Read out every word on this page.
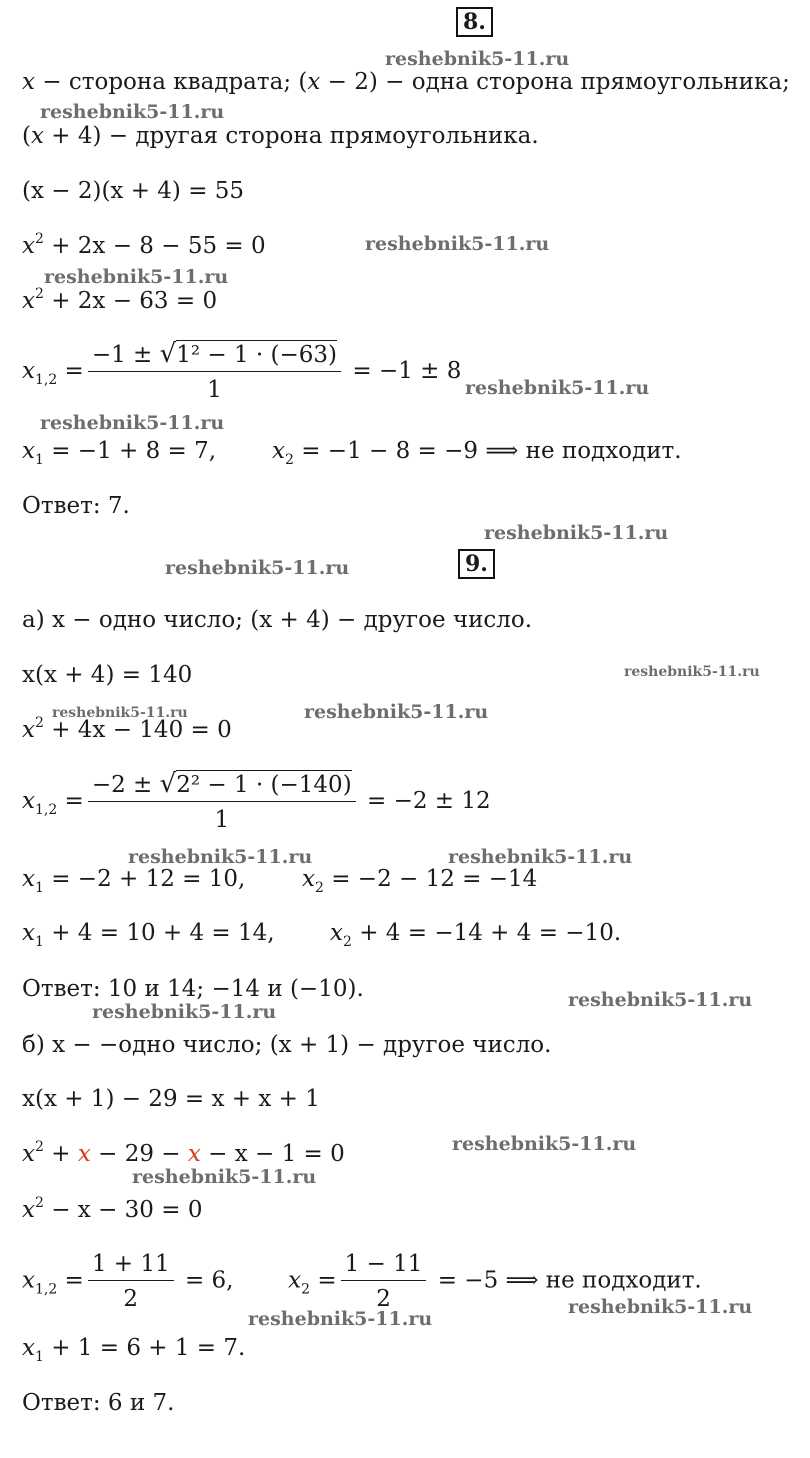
8.
x − сторона квадрата; (x − 2) − одна сторона прямоугольника;
(x + 4) − другая сторона прямоугольника.
(x − 2)(x + 4) = 55
$x^2 + 2x - 8 - 55 = 0$
$x^2 + 2x - 63 = 0$
$x_{1,2} = \frac{\text{−1 ± √1² − 1 · (−63)}}{1} = -1 \pm 8$
$x_1 = -1 + 8 = 7$, $x_2 = -1 - 8 = -9$ ⟹ не подходит.
Ответ: 7.
9.
а) x − одно число; (x + 4) − другое число.
x(x + 4) = 140
$x^2 + 4x - 140 = 0$
$x_{1,2} = \frac{\text{−2 ± √2² − 1 · (−140)}}{1} = -2 \pm 12$
$x_1 = -2 + 12 = 10$, $x_2 = -2 - 12 = -14$
$x_1 + 4 = 10 + 4 = 14$, $x_2 + 4 = -14 + 4 = -10$.
Ответ: 10 и 14; −14 и (−10).
б) x − −одно число; (x + 1) − другое число.
x(x + 1) − 29 = x + x + 1
$x^2 + x - 29 - x - x - 1 = 0$
$x^2 - x - 30 = 0$
$x_{1,2} = \frac{1 + 11}{2} = 6$, $x_2 = \frac{1 - 11}{2} = -5$ ⟹ не подходит.
$x_1 + 1 = 6 + 1 = 7$.
Ответ: 6 и 7.
reshebnik5-11.ru
reshebnik5-11.ru
reshebnik5-11.ru
reshebnik5-11.ru
reshebnik5-11.ru
reshebnik5-11.ru
reshebnik5-11.ru
reshebnik5-11.ru
reshebnik5-11.ru
reshebnik5-11.ru	reshebnik5-11.ru
reshebnik5-11.ru	reshebnik5-11.ru
reshebnik5-11.ru
reshebnik5-11.ru
reshebnik5-11.ru
reshebnik5-11.ru
reshebnik5-11.ru
reshebnik5-11.ru
